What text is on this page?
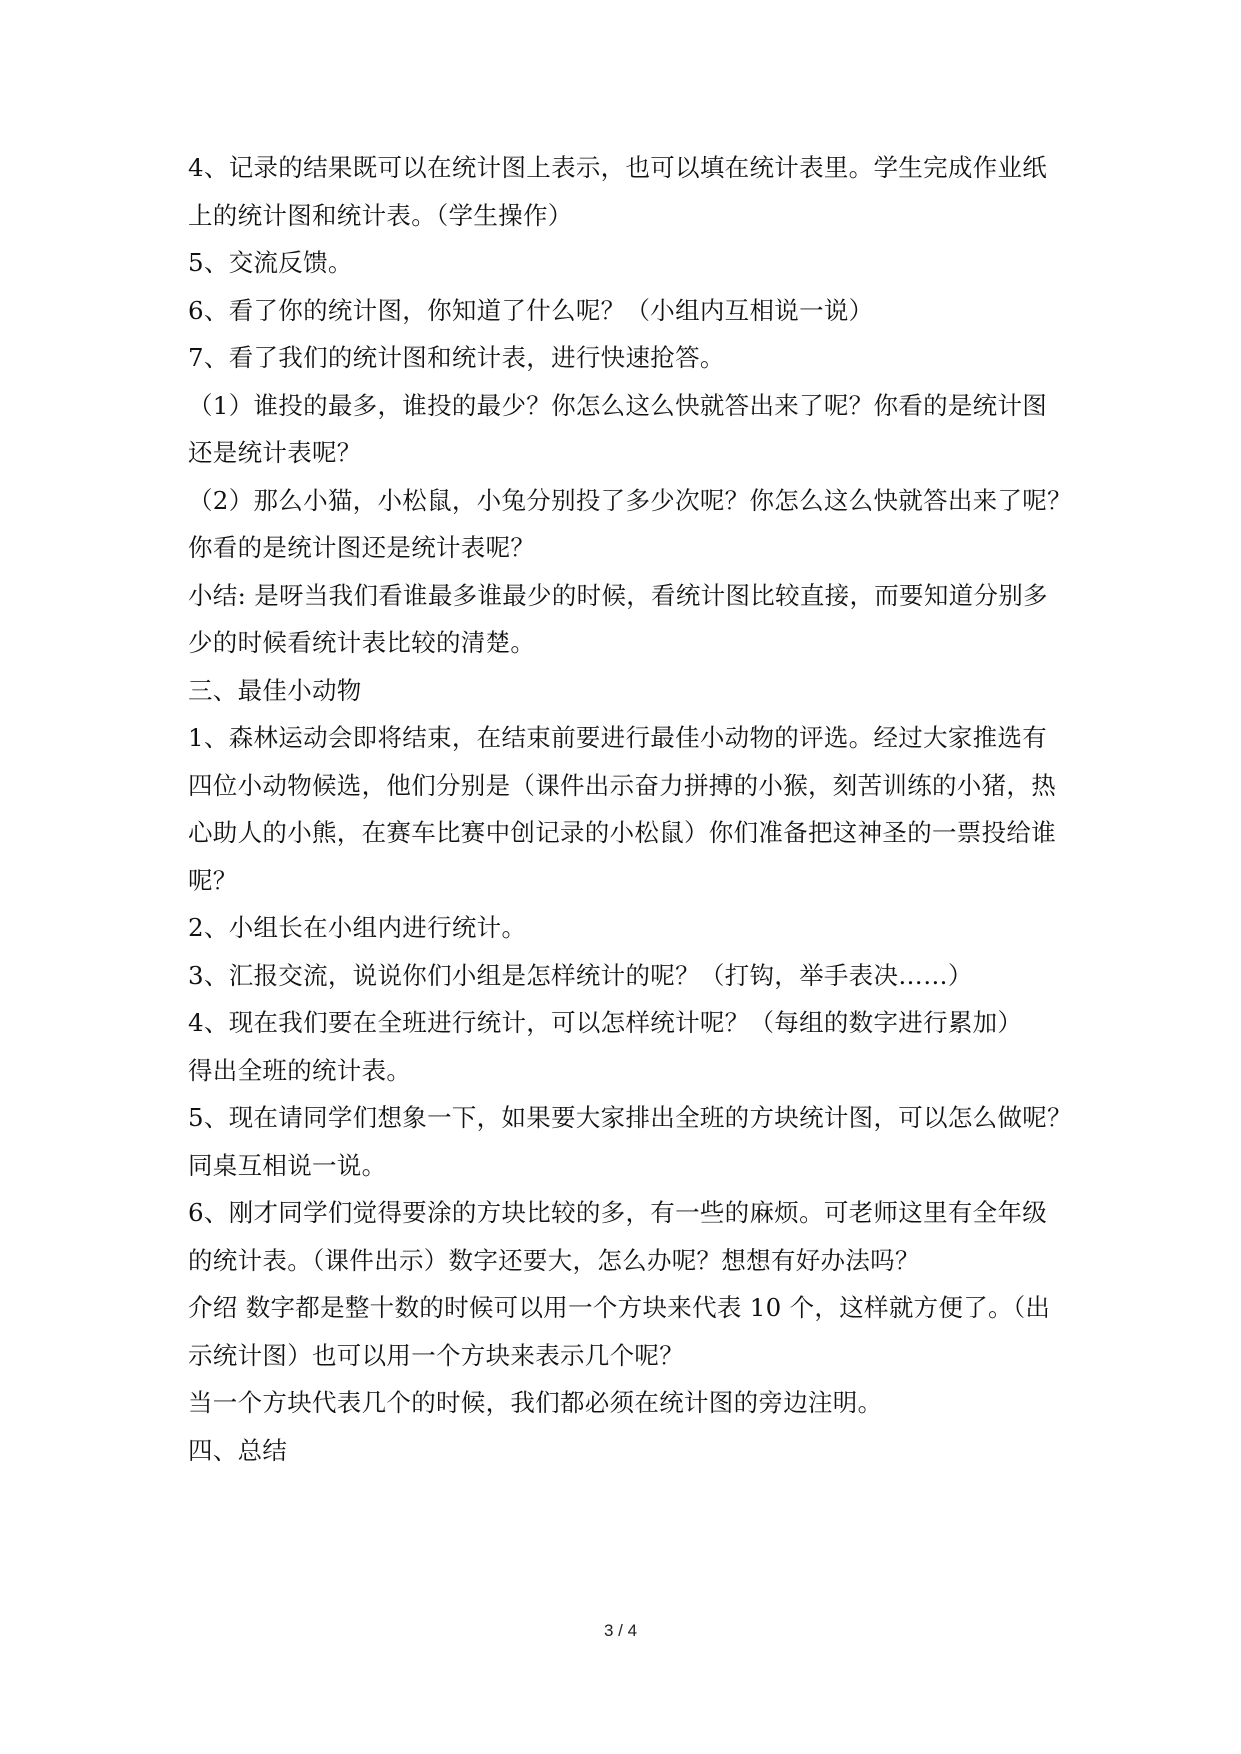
4、记录的结果既可以在统计图上表示，也可以填在统计表里。学生完成作业纸
上的统计图和统计表。（学生操作）
5、交流反馈。
6、看了你的统计图，你知道了什么呢？（小组内互相说一说）
7、看了我们的统计图和统计表，进行快速抢答。
（1）谁投的最多，谁投的最少？你怎么这么快就答出来了呢？你看的是统计图
还是统计表呢？
（2）那么小猫，小松鼠，小兔分别投了多少次呢？你怎么这么快就答出来了呢？
你看的是统计图还是统计表呢？
小结: 是呀当我们看谁最多谁最少的时候，看统计图比较直接，而要知道分别多
少的时候看统计表比较的清楚。
三、最佳小动物
1、森林运动会即将结束，在结束前要进行最佳小动物的评选。经过大家推选有
四位小动物候选，他们分别是（课件出示奋力拼搏的小猴，刻苦训练的小猪，热
心助人的小熊，在赛车比赛中创记录的小松鼠）你们准备把这神圣的一票投给谁
呢？
2、小组长在小组内进行统计。
3、汇报交流，说说你们小组是怎样统计的呢？（打钩，举手表决……）
4、现在我们要在全班进行统计，可以怎样统计呢？（每组的数字进行累加）
得出全班的统计表。
5、现在请同学们想象一下，如果要大家排出全班的方块统计图，可以怎么做呢？
同桌互相说一说。
6、刚才同学们觉得要涂的方块比较的多，有一些的麻烦。可老师这里有全年级
的统计表。（课件出示）数字还要大，怎么办呢？想想有好办法吗？
介绍 数字都是整十数的时候可以用一个方块来代表 10 个，这样就方便了。（出
示统计图）也可以用一个方块来表示几个呢？
当一个方块代表几个的时候，我们都必须在统计图的旁边注明。
四、总结
3 / 4
